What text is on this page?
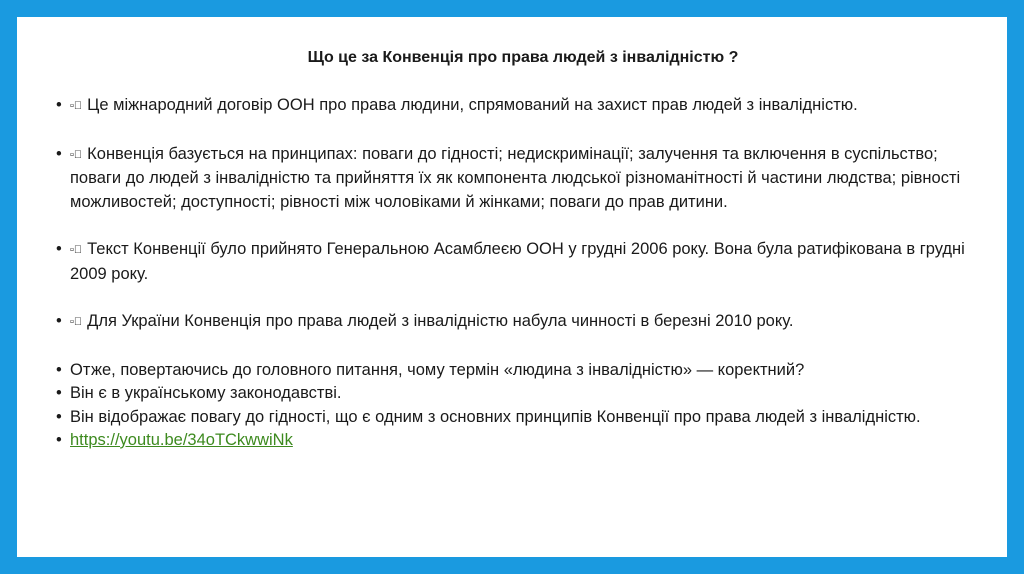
Що це за Конвенція про права людей з інвалідністю ?
• ▫⃞ Це міжнародний договір ООН про права людини, спрямований на захист прав людей з інвалідністю.
• ▫⃞ Конвенція базується на принципах: поваги до гідності; недискримінації; залучення та включення в суспільство; поваги до людей з інвалідністю та прийняття їх як компонента людської різноманітності й частини людства; рівності можливостей; доступності; рівності між чоловіками й жінками; поваги до прав дитини.
• ▫⃞ Текст Конвенції було прийнято Генеральною Асамблеєю ООН у грудні 2006 року. Вона була ратифікована в грудні 2009 року.
• ▫⃞ Для України Конвенція про права людей з інвалідністю набула чинності в березні 2010 року.
• Отже, повертаючись до головного питання, чому термін «людина з інвалідністю» — коректний?
• Він є в українському законодавстві.
• Він відображає повагу до гідності, що є одним з основних принципів Конвенції про права людей з інвалідністю.
• https://youtu.be/34oTCkwwiNk
